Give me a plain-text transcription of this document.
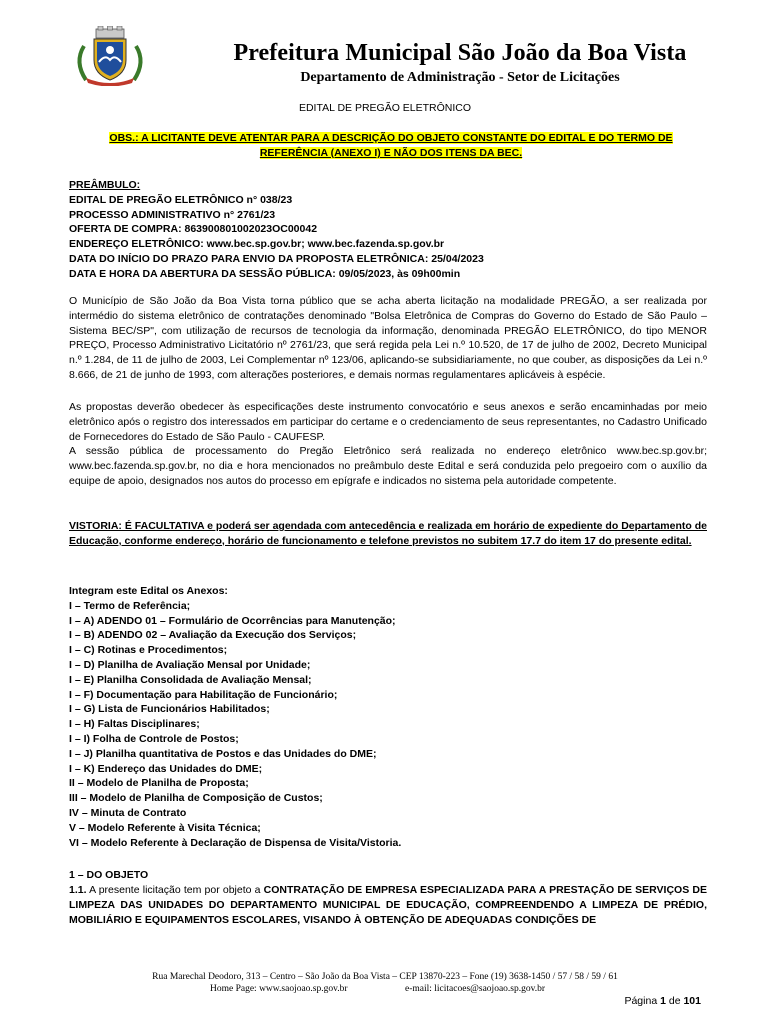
Prefeitura Municipal São João da Boa Vista
Departamento de Administração - Setor de Licitações
EDITAL DE PREGÃO ELETRÔNICO
OBS.: A LICITANTE DEVE ATENTAR PARA A DESCRIÇÃO DO OBJETO CONSTANTE DO EDITAL E DO TERMO DE
REFERÊNCIA (ANEXO I) E NÃO DOS ITENS DA BEC.
PREÂMBULO:
EDITAL DE PREGÃO ELETRÔNICO n° 038/23
PROCESSO ADMINISTRATIVO n° 2761/23
OFERTA DE COMPRA: 863900801002023OC00042
ENDEREÇO ELETRÔNICO: www.bec.sp.gov.br; www.bec.fazenda.sp.gov.br
DATA DO INÍCIO DO PRAZO PARA ENVIO DA PROPOSTA ELETRÔNICA: 25/04/2023
DATA E HORA DA ABERTURA DA SESSÃO PÚBLICA: 09/05/2023, às 09h00min
O Município de São João da Boa Vista torna público que se acha aberta licitação na modalidade PREGÃO, a ser realizada por intermédio do sistema eletrônico de contratações denominado "Bolsa Eletrônica de Compras do Governo do Estado de São Paulo – Sistema BEC/SP", com utilização de recursos de tecnologia da informação, denominada PREGÃO ELETRÔNICO, do tipo MENOR PREÇO, Processo Administrativo Licitatório nº 2761/23, que será regida pela Lei n.º 10.520, de 17 de julho de 2002, Decreto Municipal n.º 1.284, de 11 de julho de 2003, Lei Complementar nº 123/06, aplicando-se subsidiariamente, no que couber, as disposições da Lei n.º 8.666, de 21 de junho de 1993, com alterações posteriores, e demais normas regulamentares aplicáveis à espécie.
As propostas deverão obedecer às especificações deste instrumento convocatório e seus anexos e serão encaminhadas por meio eletrônico após o registro dos interessados em participar do certame e o credenciamento de seus representantes, no Cadastro Unificado de Fornecedores do Estado de São Paulo - CAUFESP.
A sessão pública de processamento do Pregão Eletrônico será realizada no endereço eletrônico www.bec.sp.gov.br; www.bec.fazenda.sp.gov.br, no dia e hora mencionados no preâmbulo deste Edital e será conduzida pelo pregoeiro com o auxílio da equipe de apoio, designados nos autos do processo em epígrafe e indicados no sistema pela autoridade competente.
VISTORIA: É FACULTATIVA e poderá ser agendada com antecedência e realizada em horário de expediente do Departamento de Educação, conforme endereço, horário de funcionamento e telefone previstos no subitem 17.7 do item 17 do presente edital.
Integram este Edital os Anexos:
I – Termo de Referência;
I – A) ADENDO 01 – Formulário de Ocorrências para Manutenção;
I – B) ADENDO 02 – Avaliação da Execução dos Serviços;
I – C) Rotinas e Procedimentos;
I – D) Planilha de Avaliação Mensal por Unidade;
I – E) Planilha Consolidada de Avaliação Mensal;
I – F) Documentação para Habilitação de Funcionário;
I – G) Lista de Funcionários Habilitados;
I – H) Faltas Disciplinares;
I – I) Folha de Controle de Postos;
I – J) Planilha quantitativa de Postos e das Unidades do DME;
I – K) Endereço das Unidades do DME;
II – Modelo de Planilha de Proposta;
III – Modelo de Planilha de Composição de Custos;
IV – Minuta de Contrato
V – Modelo Referente à Visita Técnica;
VI – Modelo Referente à Declaração de Dispensa de Visita/Vistoria.
1 – DO OBJETO
1.1. A presente licitação tem por objeto a CONTRATAÇÃO DE EMPRESA ESPECIALIZADA PARA A PRESTAÇÃO DE SERVIÇOS DE LIMPEZA DAS UNIDADES DO DEPARTAMENTO MUNICIPAL DE EDUCAÇÃO, COMPREENDENDO A LIMPEZA DE PRÉDIO, MOBILIÁRIO E EQUIPAMENTOS ESCOLARES, VISANDO À OBTENÇÃO DE ADEQUADAS CONDIÇÕES DE
Rua Marechal Deodoro, 313 – Centro – São João da Boa Vista – CEP 13870-223 – Fone (19) 3638-1450 / 57 / 58 / 59 / 61
Home Page: www.saojoao.sp.gov.br	e-mail: licitacoes@saojoao.sp.gov.br
Página 1 de 101
